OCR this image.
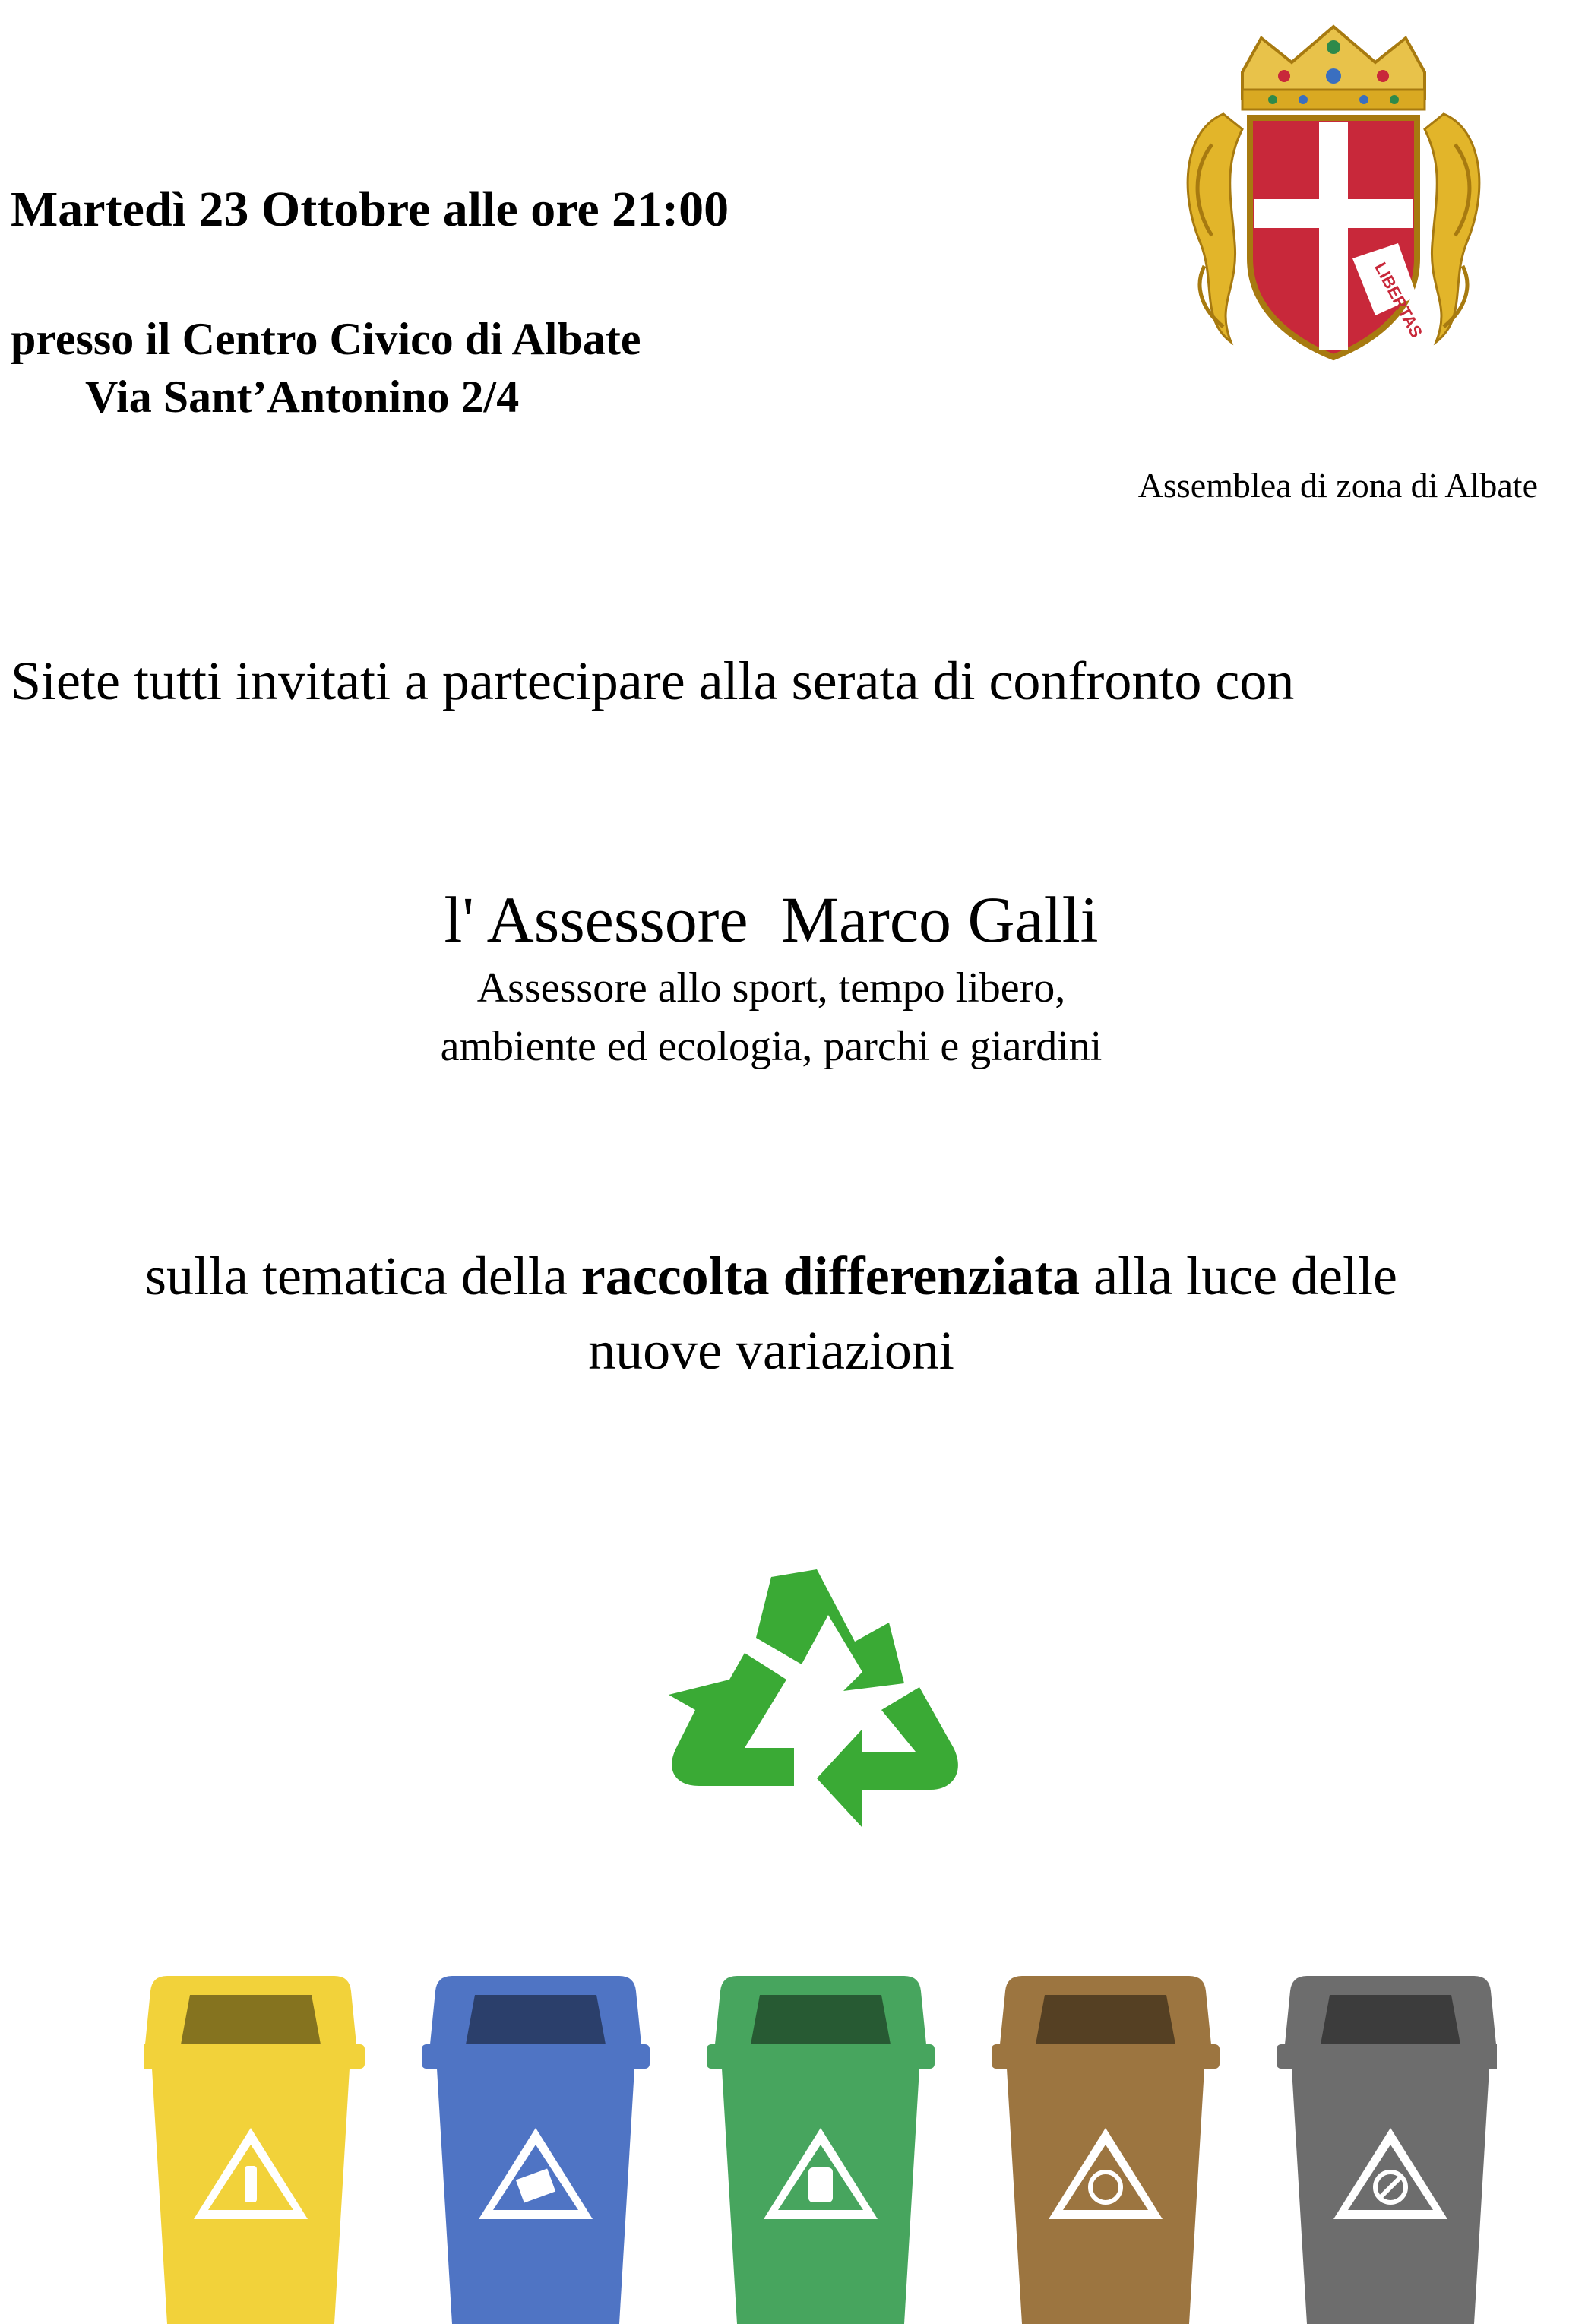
Martedì 23 Ottobre alle ore 21:00
presso il Centro Civico di Albate
Via Sant’Antonino 2/4
LIBERTAS
Assemblea di zona di Albate
Siete tutti invitati a partecipare alla serata di confronto con
l' Assessore  Marco Galli
Assessore allo sport, tempo libero,
ambiente ed ecologia, parchi e giardini
sulla tematica della raccolta differenziata alla luce delle
nuove variazioni
